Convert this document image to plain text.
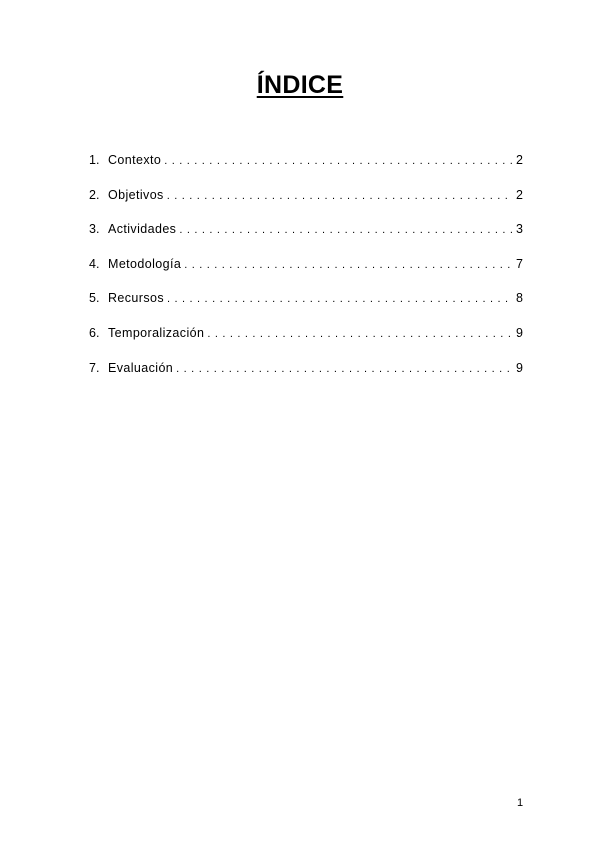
ÍNDICE
1. Contexto . . .	2
2. Objetivos . . .	2
3. Actividades . . .	3
4. Metodología . . .	7
5. Recursos . . .	8
6. Temporalización . . .	9
7. Evaluación . . .	9
1
